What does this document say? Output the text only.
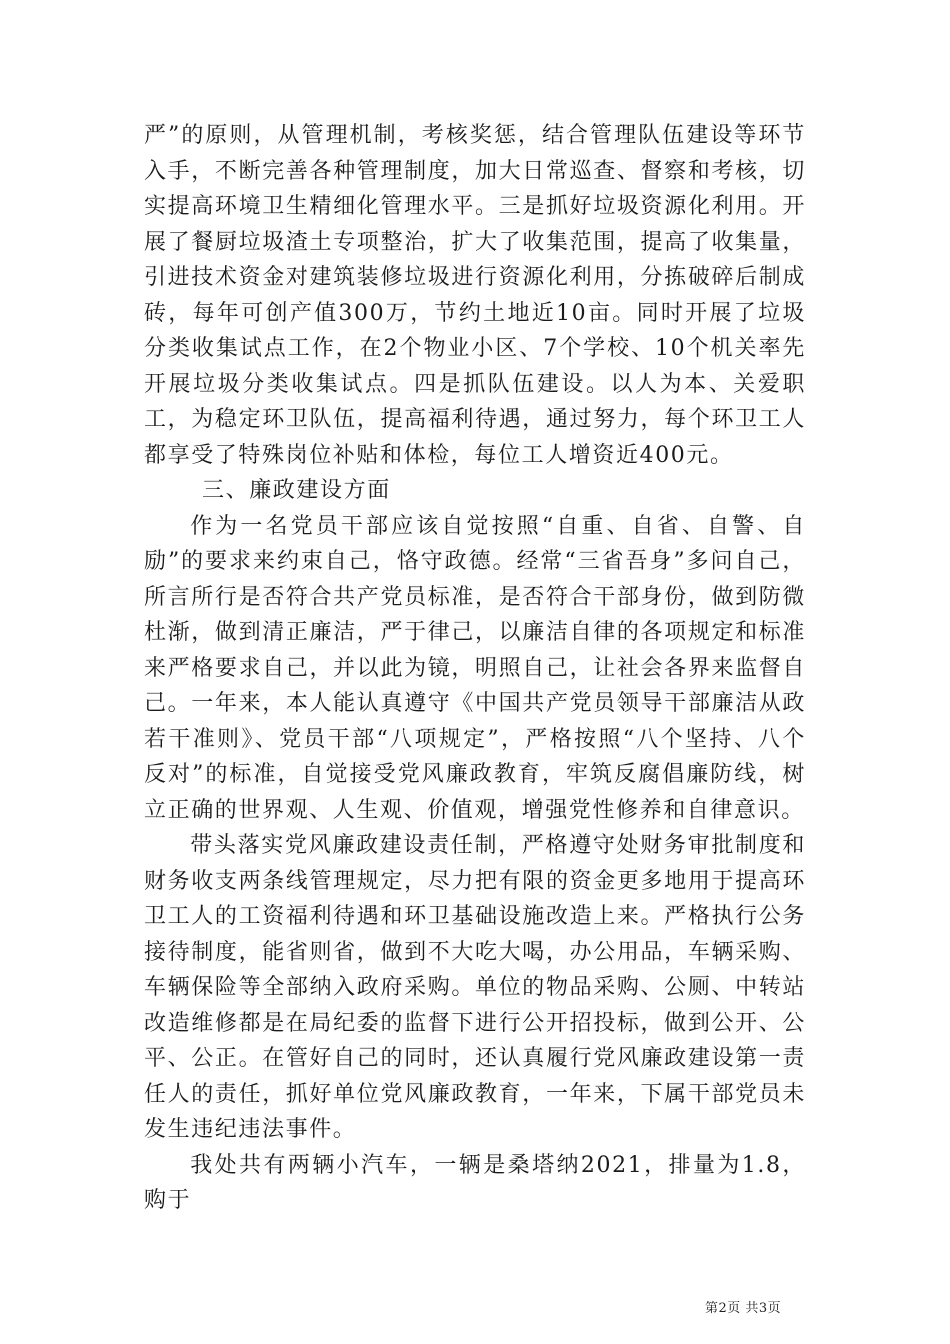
严”的原则，从管理机制，考核奖惩，结合管理队伍建设等环节入手，不断完善各种管理制度，加大日常巡查、督察和考核，切实提高环境卫生精细化管理水平。三是抓好垃圾资源化利用。开展了餐厨垃圾渣土专项整治，扩大了收集范围，提高了收集量，引进技术资金对建筑装修垃圾进行资源化利用，分拣破碎后制成砖，每年可创产值300万，节约土地近10亩。同时开展了垃圾分类收集试点工作，在2个物业小区、7个学校、10个机关率先开展垃圾分类收集试点。四是抓队伍建设。以人为本、关爱职工，为稳定环卫队伍，提高福利待遇，通过努力，每个环卫工人都享受了特殊岗位补贴和体检，每位工人增资近400元。

三、廉政建设方面

作为一名党员干部应该自觉按照“自重、自省、自警、自励”的要求来约束自己，恪守政德。经常“三省吾身”多问自己，所言所行是否符合共产党员标准，是否符合干部身份，做到防微杜渐，做到清正廉洁，严于律己，以廉洁自律的各项规定和标准来严格要求自己，并以此为镜，明照自己，让社会各界来监督自己。一年来，本人能认真遵守《中国共产党员领导干部廉洁从政若干准则》、党员干部“八项规定”，严格按照“八个坚持、八个反对”的标准，自觉接受党风廉政教育，牢筑反腐倡廉防线，树立正确的世界观、人生观、价值观，增强党性修养和自律意识。

带头落实党风廉政建设责任制，严格遵守处财务审批制度和财务收支两条线管理规定，尽力把有限的资金更多地用于提高环卫工人的工资福利待遇和环卫基础设施改造上来。严格执行公务接待制度，能省则省，做到不大吃大喝，办公用品，车辆采购、车辆保险等全部纳入政府采购。单位的物品采购、公厕、中转站改造维修都是在局纪委的监督下进行公开招投标，做到公开、公平、公正。在管好自己的同时，还认真履行党风廉政建设第一责任人的责任，抓好单位党风廉政教育，一年来，下属干部党员未发生违纪违法事件。

我处共有两辆小汽车，一辆是桑塔纳2021，排量为1.8，购于

第2页 共3页
